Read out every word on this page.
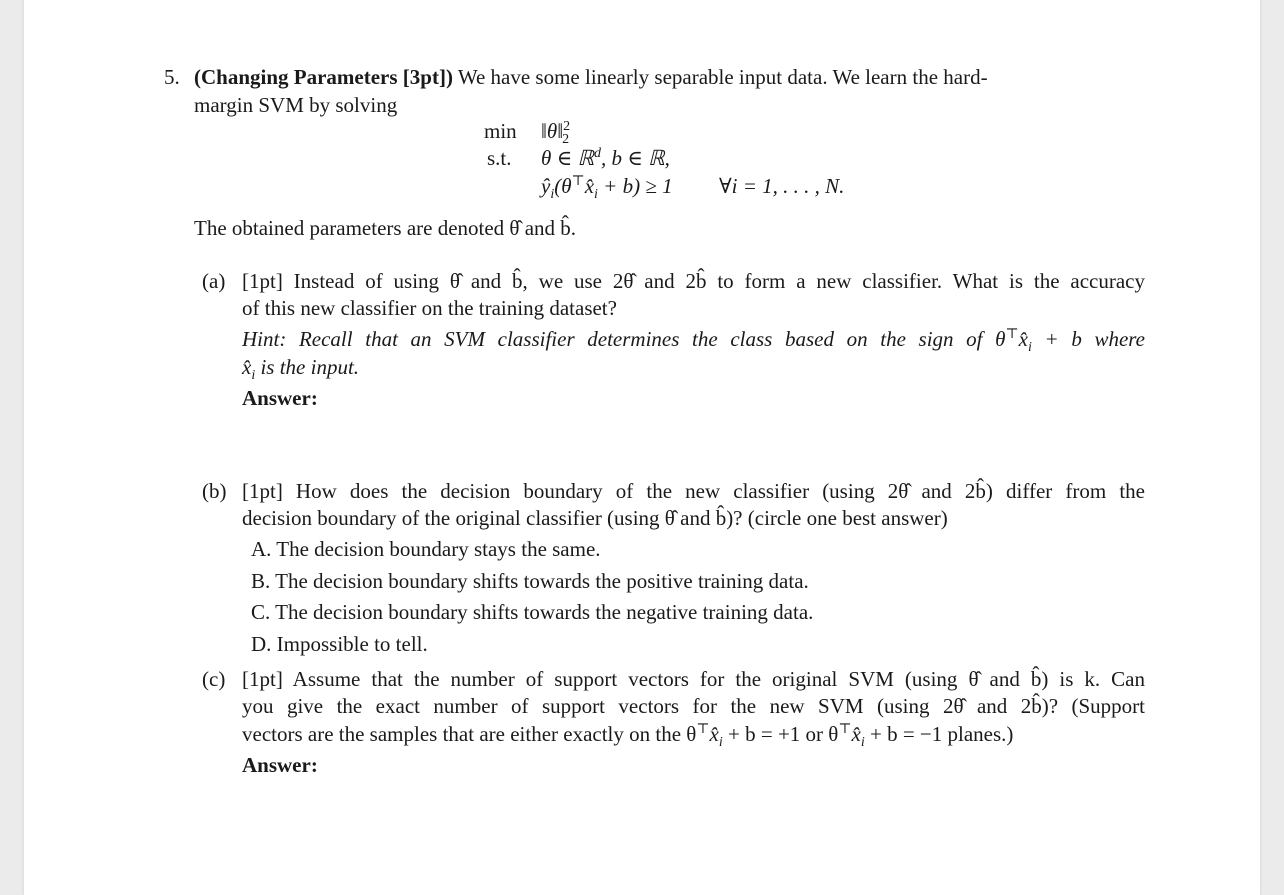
5. (Changing Parameters [3pt]) We have some linearly separable input data. We learn the hard-
margin SVM by solving
min ‖θ‖$^2_2$
s.t. θ ∈ ℝ$^d$, b ∈ ℝ,
$ŷ_i(\theta^⊤x̂_i + b) \ge 1$ ∀i = 1, . . . , N.
The obtained parameters are denoted θ̂ and b̂.
(a) [1pt] Instead of using θ̂ and b̂, we use 2θ̂ and 2b̂ to form a new classifier. What is the accuracy
of this new classifier on the training dataset?
Hint: Recall that an SVM classifier determines the class based on the sign of $\theta^⊤x̂_i + b$ where
$x̂_i$ is the input.
Answer:
(b) [1pt] How does the decision boundary of the new classifier (using 2θ̂ and 2b̂) differ from the
decision boundary of the original classifier (using θ̂ and b̂)? (circle one best answer)
A. The decision boundary stays the same.
B. The decision boundary shifts towards the positive training data.
C. The decision boundary shifts towards the negative training data.
D. Impossible to tell.
(c) [1pt] Assume that the number of support vectors for the original SVM (using θ̂ and b̂) is k. Can
you give the exact number of support vectors for the new SVM (using 2θ̂ and 2b̂)? (Support
vectors are the samples that are either exactly on the $\theta^⊤x̂_i + b = +1$ or $\theta^⊤x̂_i + b = -1$ planes.)
Answer:
